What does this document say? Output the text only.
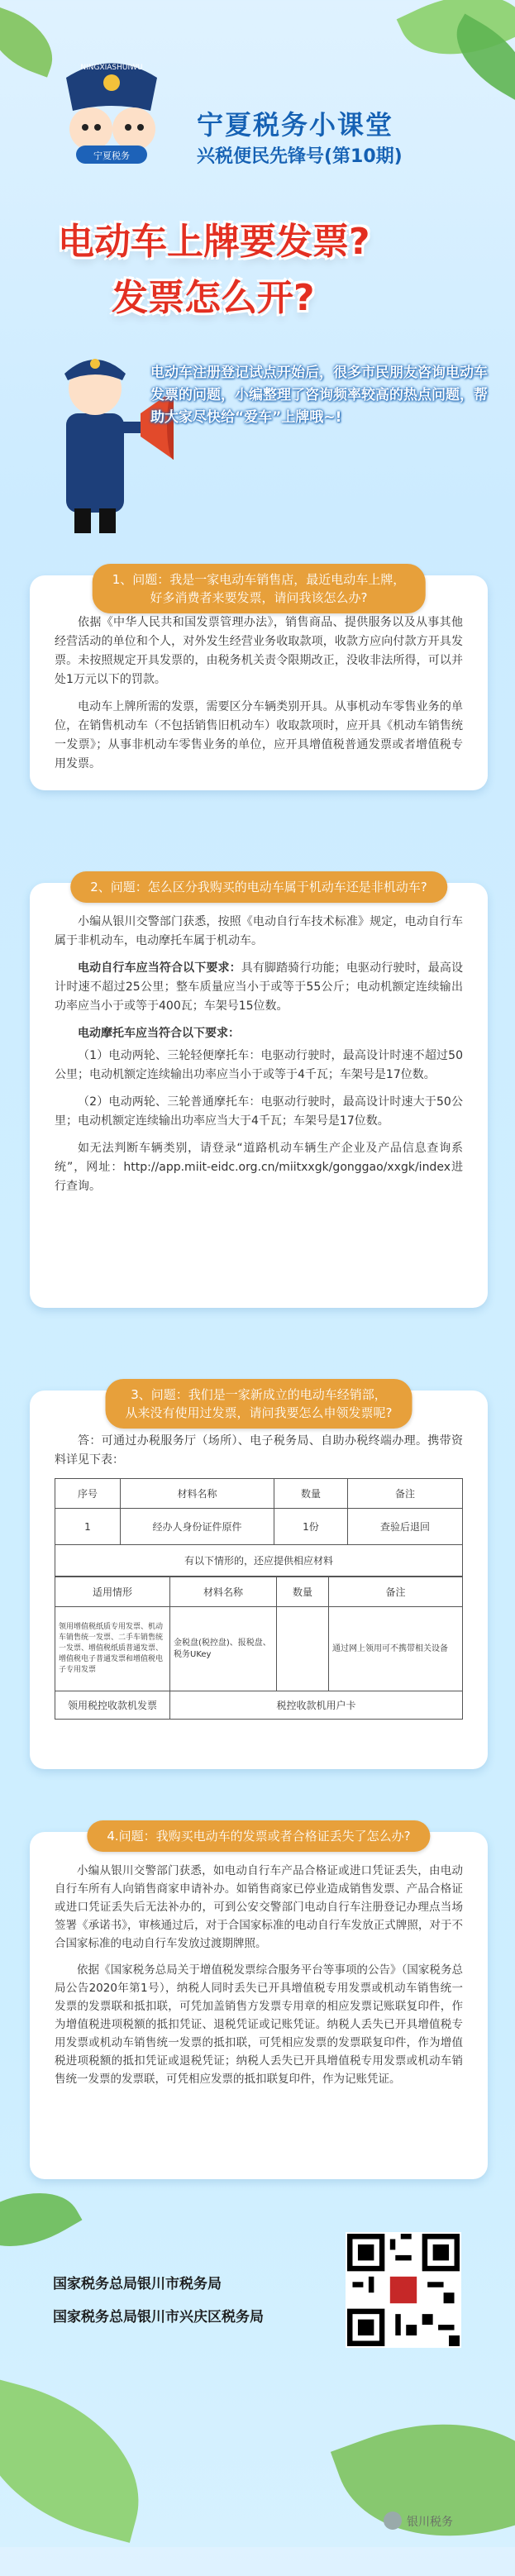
NINGXIASHUIWU
宁夏税务
宁夏税务小课堂
兴税便民先锋号(第10期)
电动车上牌要发票?
发票怎么开?
电动车注册登记试点开始后，很多市民朋友咨询电动车发票的问题，小编整理了咨询频率较高的热点问题，帮助大家尽快给“爱车”上牌哦~!
1、问题：我是一家电动车销售店，最近电动车上牌，
好多消费者来要发票，请问我该怎么办?

依据《中华人民共和国发票管理办法》，销售商品、提供服务以及从事其他经营活动的单位和个人，对外发生经营业务收取款项，收款方应向付款方开具发票。未按照规定开具发票的，由税务机关责令限期改正，没收非法所得，可以并处1万元以下的罚款。

电动车上牌所需的发票，需要区分车辆类别开具。从事机动车零售业务的单位，在销售机动车（不包括销售旧机动车）收取款项时，应开具《机动车销售统一发票》；从事非机动车零售业务的单位，应开具增值税普通发票或者增值税专用发票。

2、问题：怎么区分我购买的电动车属于机动车还是非机动车?

小编从银川交警部门获悉，按照《电动自行车技术标准》规定，电动自行车属于非机动车，电动摩托车属于机动车。

电动自行车应当符合以下要求：具有脚踏骑行功能；电驱动行驶时，最高设计时速不超过25公里；整车质量应当小于或等于55公斤；电动机额定连续输出功率应当小于或等于400瓦；车架号15位数。

电动摩托车应当符合以下要求：

（1）电动两轮、三轮轻便摩托车：电驱动行驶时，最高设计时速不超过50公里；电动机额定连续输出功率应当小于或等于4千瓦；车架号是17位数。

（2）电动两轮、三轮普通摩托车：电驱动行驶时，最高设计时速大于50公里；电动机额定连续输出功率应当大于4千瓦；车架号是17位数。

如无法判断车辆类别，请登录“道路机动车辆生产企业及产品信息查询系统”，网址：http://app.miit-eidc.org.cn/miitxxgk/gonggao/xxgk/index进行查询。

3、问题：我们是一家新成立的电动车经销部，
从来没有使用过发票，请问我要怎么申领发票呢?

答：可通过办税服务厅（场所）、电子税务局、自助办税终端办理。携带资料详见下表：

序号	材料名称	数量	备注
1	经办人身份证件原件	1份	查验后退回
有以下情形的，还应提供相应材料			
适用情形	材料名称	数量	备注
领用增值税纸质专用发票、机动车销售统一发票、二手车销售统一发票、增值税纸质普通发票、增值税电子普通发票和增值税电子专用发票	金税盘(税控盘)、报税盘、税务UKey		通过网上领用可不携带相关设备
领用税控收款机发票	税控收款机用户卡		
4.问题：我购买电动车的发票或者合格证丢失了怎么办?

小编从银川交警部门获悉，如电动自行车产品合格证或进口凭证丢失，由电动自行车所有人向销售商家申请补办。如销售商家已停业造成销售发票、产品合格证或进口凭证丢失后无法补办的，可到公安交警部门电动自行车注册登记办理点当场签署《承诺书》，审核通过后，对于合国家标准的电动自行车发放正式牌照，对于不合国家标准的电动自行车发放过渡期牌照。

依据《国家税务总局关于增值税发票综合服务平台等事项的公告》（国家税务总局公告2020年第1号），纳税人同时丢失已开具增值税专用发票或机动车销售统一发票的发票联和抵扣联，可凭加盖销售方发票专用章的相应发票记账联复印件，作为增值税进项税额的抵扣凭证、退税凭证或记账凭证。纳税人丢失已开具增值税专用发票或机动车销售统一发票的抵扣联，可凭相应发票的发票联复印件，作为增值税进项税额的抵扣凭证或退税凭证；纳税人丢失已开具增值税专用发票或机动车销售统一发票的发票联，可凭相应发票的抵扣联复印件，作为记账凭证。

国家税务总局银川市税务局
国家税务总局银川市兴庆区税务局
银川税务
